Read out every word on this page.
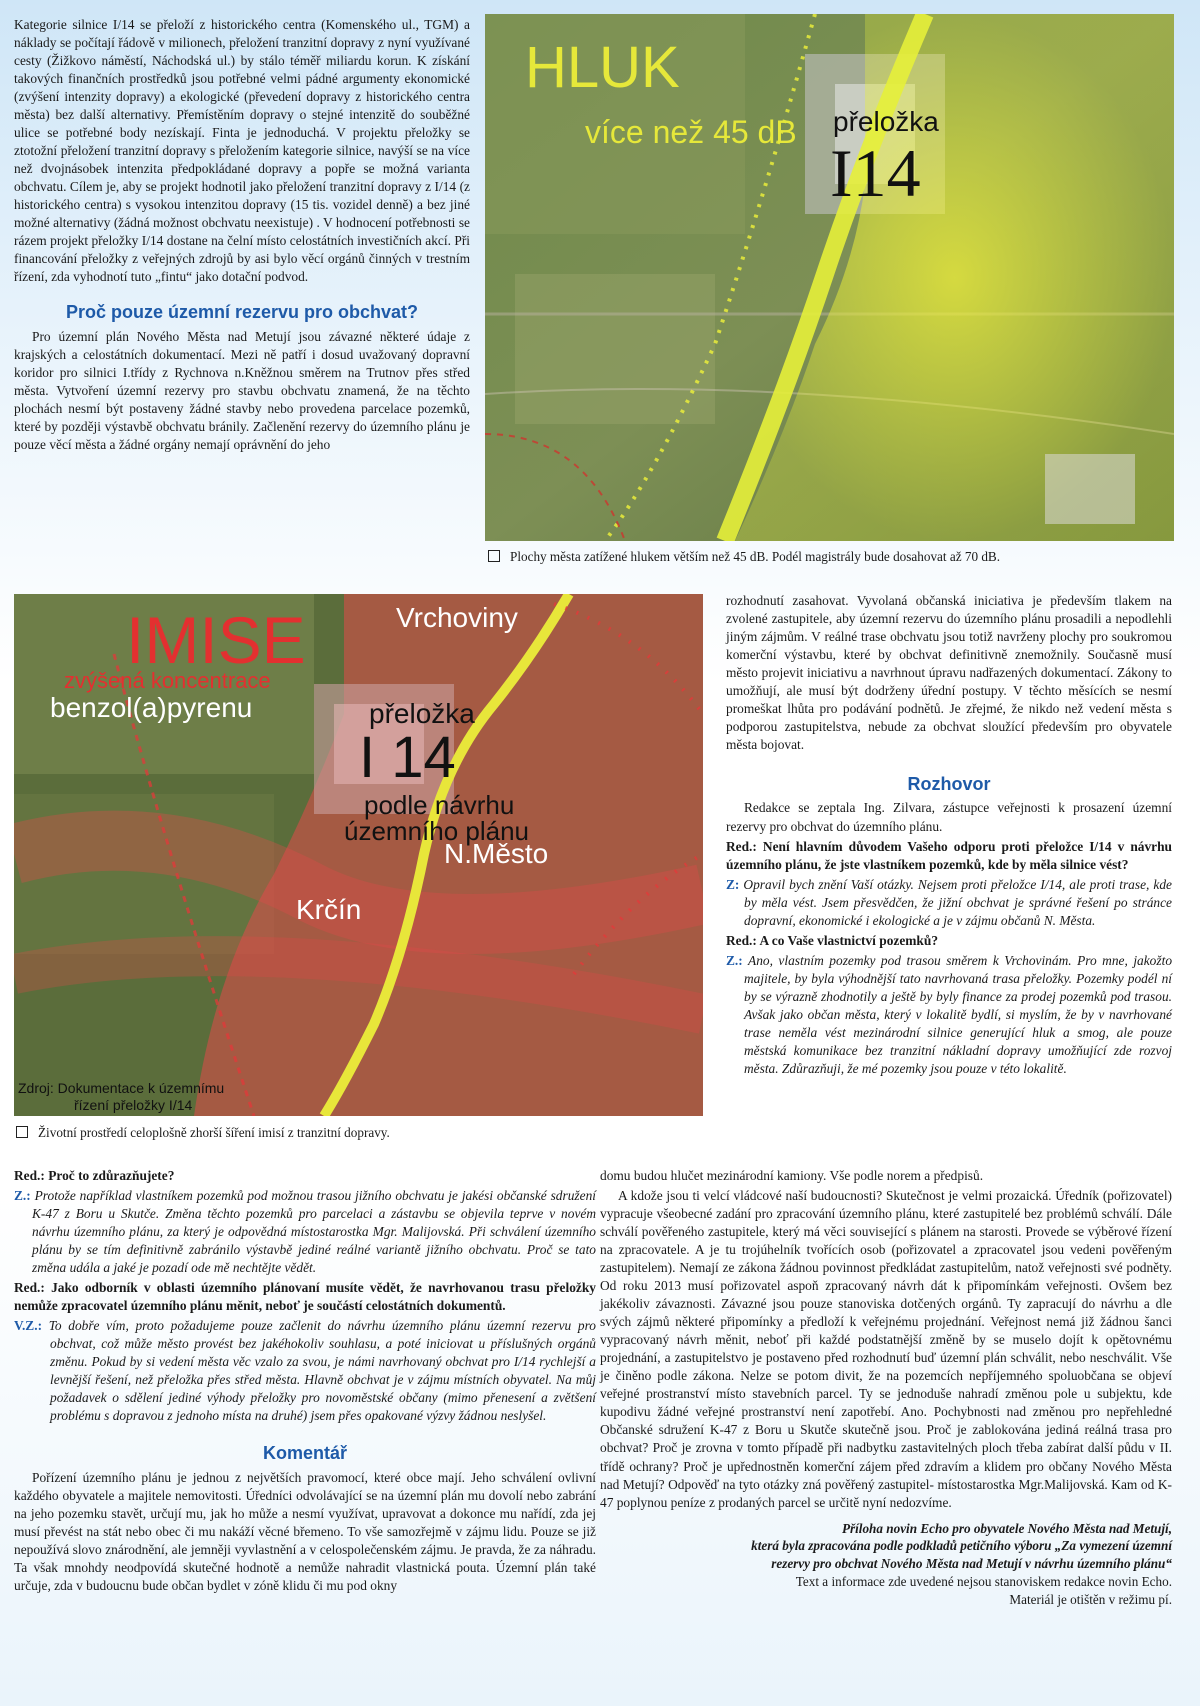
Kategorie silnice I/14 se přeloží z historického centra (Komenského ul., TGM) a náklady se počítají řádově v milionech, přeložení tranzitní dopravy z nyní využívané cesty (Žižkovo náměstí, Náchodská ul.) by stálo téměř miliardu korun. K získání takových finančních prostředků jsou potřebné velmi pádné argumenty ekonomické (zvýšení intenzity dopravy) a ekologické (převedení dopravy z historického centra města) bez další alternativy. Přemístěním dopravy o stejné intenzitě do souběžné ulice se potřebné body nezískají. Finta je jednoduchá. V projektu přeložky se ztotožní přeložení tranzitní dopravy s přeložením kategorie silnice, navýší se na více než dvojnásobek intenzita předpokládané dopravy a popře se možná varianta obchvatu. Cílem je, aby se projekt hodnotil jako přeložení tranzitní dopravy z I/14 (z historického centra) s vysokou intenzitou dopravy (15 tis. vozidel denně) a bez jiné možné alternativy (žádná možnost obchvatu neexistuje) . V hodnocení potřebnosti se rázem projekt přeložky I/14 dostane na čelní místo celostátních investičních akcí. Při financování přeložky z veřejných zdrojů by asi bylo věcí orgánů činných v trestním řízení, zda vyhodnotí tuto „fintu“ jako dotační podvod.

Proč pouze územní rezervu pro obchvat?

Pro územní plán Nového Města nad Metují jsou závazné některé údaje z krajských a celostátních dokumentací. Mezi ně patří i dosud uvažovaný dopravní koridor pro silnici I.třídy z Rychnova n.Kněžnou směrem na Trutnov přes střed města. Vytvoření územní rezervy pro stavbu obchvatu znamená, že na těchto plochách nesmí být postaveny žádné stavby nebo provedena parcelace pozemků, které by později výstavbě obchvatu bránily. Začlenění rezervy do územního plánu je pouze věcí města a žádné orgány nemají oprávnění do jeho

HLUK
více než 45 dB přeložka
I14
Plochy města zatížené hlukem větším než 45 dB. Podél magistrály bude dosahovat až 70 dB.
IMISE
zvýšená koncentrace
benzol(a)pyrenu
Vrchoviny
přeložka
I 14
podle návrhu
územního plánu
N.Město
Krčín
Zdroj: Dokumentace k územnímu
řízení přeložky I/14
Životní prostředí celoplošně zhorší šíření imisí z tranzitní dopravy.

rozhodnutí zasahovat. Vyvolaná občanská iniciativa je především tlakem na zvolené zastupitele, aby územní rezervu do územního plánu prosadili a nepodlehli jiným zájmům. V reálné trase obchvatu jsou totiž navrženy plochy pro soukromou komerční výstavbu, které by obchvat definitivně znemožnily. Současně musí město projevit iniciativu a navrhnout úpravu nadřazených dokumentací. Zákony to umožňují, ale musí být dodrženy úřední postupy. V těchto měsících se nesmí promeškat lhůta pro podávání podnětů. Je zřejmé, že nikdo než vedení města s podporou zastupitelstva, nebude za obchvat sloužící především pro obyvatele města bojovat.

Rozhovor

Redakce se zeptala Ing. Zilvara, zástupce veřejnosti k prosazení územní rezervy pro obchvat do územního plánu.

Red.: Není hlavním důvodem Vašeho odporu proti přeložce I/14 v návrhu územního plánu, že jste vlastníkem pozemků, kde by měla silnice vést?

Z: Opravil bych znění Vaší otázky. Nejsem proti přeložce I/14, ale proti trase, kde by měla vést. Jsem přesvědčen, že jižní obchvat je správné řešení po stránce dopravní, ekonomické i ekologické a je v zájmu občanů N. Města.

Red.: A co Vaše vlastnictví pozemků?

Z.: Ano, vlastním pozemky pod trasou směrem k Vrchovinám. Pro mne, jakožto majitele, by byla výhodnější tato navrhovaná trasa přeložky. Pozemky podél ní by se výrazně zhodnotily a ještě by byly finance za prodej pozemků pod trasou. Avšak jako občan města, který v lokalitě bydlí, si myslím, že by v navrhované trase neměla vést mezinárodní silnice generující hluk a smog, ale pouze městská komunikace bez tranzitní nákladní dopravy umožňující zde rozvoj města. Zdůrazňuji, že mé pozemky jsou pouze v této lokalitě.

Red.: Proč to zdůrazňujete?

Z.: Protože například vlastníkem pozemků pod možnou trasou jižního obchvatu je jakési občanské sdružení K-47 z Boru u Skutče. Změna těchto pozemků pro parcelaci a zástavbu se objevila teprve v novém návrhu územního plánu, za který je odpovědná místostarostka Mgr. Malijovská. Při schválení územního plánu by se tím definitivně zabránilo výstavbě jediné reálné variantě jižního obchvatu. Proč se tato změna udála a jaké je pozadí ode mě nechtějte vědět.

Red.: Jako odborník v oblasti územního plánovaní musíte vědět, že navrhovanou trasu přeložky nemůže zpracovatel územního plánu měnit, neboť je součástí celostátních dokumentů.

V.Z.: To dobře vím, proto požadujeme pouze začlenit do návrhu územního plánu územní rezervu pro obchvat, což může město provést bez jakéhokoliv souhlasu, a poté iniciovat u příslušných orgánů změnu. Pokud by si vedení města věc vzalo za svou, je námi navrhovaný obchvat pro I/14 rychlejší a levnější řešení, než přeložka přes střed města. Hlavně obchvat je v zájmu místních obyvatel. Na můj požadavek o sdělení jediné výhody přeložky pro novoměstské občany (mimo přenesení a zvětšení problému s dopravou z jednoho místa na druhé) jsem přes opakované výzvy žádnou neslyšel.

Komentář

Pořízení územního plánu je jednou z největších pravomocí, které obce mají. Jeho schválení ovlivní každého obyvatele a majitele nemovitosti. Úředníci odvolávající se na územní plán mu dovolí nebo zabrání na jeho pozemku stavět, určují mu, jak ho může a nesmí využívat, upravovat a dokonce mu nařídí, zda jej musí převést na stát nebo obec či mu nakáží věcné břemeno. To vše samozřejmě v zájmu lidu. Pouze se již nepoužívá slovo znárodnění, ale jemněji vyvlastnění a v celospolečenském zájmu. Je pravda, že za náhradu. Ta však mnohdy neodpovídá skutečné hodnotě a nemůže nahradit vlastnická pouta. Územní plán také určuje, zda v budoucnu bude občan bydlet v zóně klidu či mu pod okny

domu budou hlučet mezinárodní kamiony. Vše podle norem a předpisů.

A kdože jsou ti velcí vládcové naší budoucnosti? Skutečnost je velmi prozaická. Úředník (pořizovatel) vypracuje všeobecné zadání pro zpracování územního plánu, které zastupitelé bez problémů schválí. Dále schválí pověřeného zastupitele, který má věci související s plánem na starosti. Provede se výběrové řízení na zpracovatele. A je tu trojúhelník tvořících osob (pořizovatel a zpracovatel jsou vedeni pověřeným zastupitelem). Nemají ze zákona žádnou povinnost předkládat zastupitelům, natož veřejnosti své podněty. Od roku 2013 musí pořizovatel aspoň zpracovaný návrh dát k připomínkám veřejnosti. Ovšem bez jakékoliv závaznosti. Závazné jsou pouze stanoviska dotčených orgánů. Ty zapracují do návrhu a dle svých zájmů některé připomínky a předloží k veřejnému projednání. Veřejnost nemá již žádnou šanci vypracovaný návrh měnit, neboť při každé podstatnější změně by se muselo dojít k opětovnému projednání, a zastupitelstvo je postaveno před rozhodnutí buď územní plán schválit, nebo neschválit. Vše je činěno podle zákona. Nelze se potom divit, že na pozemcích nepříjemného spoluobčana se objeví veřejné prostranství místo stavebních parcel. Ty se jednoduše nahradí změnou pole u subjektu, kde kupodivu žádné veřejné prostranství není zapotřebí. Ano. Pochybnosti nad změnou pro nepřehledné Občanské sdružení K-47 z Boru u Skutče skutečně jsou. Proč je zablokována jediná reálná trasa pro obchvat? Proč je zrovna v tomto případě při nadbytku zastavitelných ploch třeba zabírat další půdu v II. třídě ochrany? Proč je upřednostněn komerční zájem před zdravím a klidem pro občany Nového Města nad Metují? Odpověď na tyto otázky zná pověřený zastupitel- místostarostka Mgr.Malijovská. Kam od K-47 poplynou peníze z prodaných parcel se určitě nyní nedozvíme.

Příloha novin Echo pro obyvatele Nového Města nad Metují,
která byla zpracována podle podkladů petičního výboru „Za vymezení územní
rezervy pro obchvat Nového Města nad Metují v návrhu územního plánu“
Text a informace zde uvedené nejsou stanoviskem redakce novin Echo.
Materiál je otištěn v režimu pí.
